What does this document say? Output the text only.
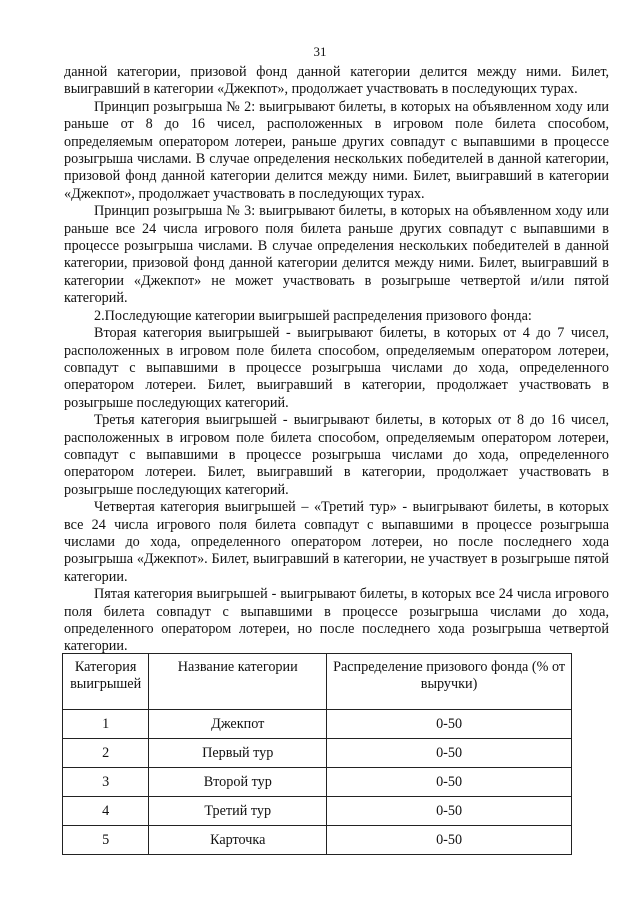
31

данной категории, призовой фонд данной категории делится между ними. Билет, выигравший в категории «Джекпот», продолжает участвовать в последующих турах.

Принцип розыгрыша № 2: выигрывают билеты, в которых на объявленном ходу или раньше от 8 до 16 чисел, расположенных в игровом поле билета способом, определяемым оператором лотереи, раньше других совпадут с выпавшими в процессе розыгрыша числами. В случае определения нескольких победителей в данной категории, призовой фонд данной категории делится между ними. Билет, выигравший в категории «Джекпот», продолжает участвовать в последующих турах.

Принцип розыгрыша № 3: выигрывают билеты, в которых на объявленном ходу или раньше все 24 числа игрового поля билета раньше других совпадут с выпавшими в процессе розыгрыша числами. В случае определения нескольких победителей в данной категории, призовой фонд данной категории делится между ними. Билет, выигравший в категории «Джекпот» не может участвовать в розыгрыше четвертой и/или пятой категорий.

2.Последующие категории выигрышей распределения призового фонда:

Вторая категория выигрышей - выигрывают билеты, в которых от 4 до 7 чисел, расположенных в игровом поле билета способом, определяемым оператором лотереи, совпадут с выпавшими в процессе розыгрыша числами до хода, определенного оператором лотереи. Билет, выигравший в категории, продолжает участвовать в розыгрыше последующих категорий.

Третья категория выигрышей - выигрывают билеты, в которых от 8 до 16 чисел, расположенных в игровом поле билета способом, определяемым оператором лотереи, совпадут с выпавшими в процессе розыгрыша числами до хода, определенного оператором лотереи. Билет, выигравший в категории, продолжает участвовать в розыгрыше последующих категорий.

Четвертая категория выигрышей – «Третий тур» - выигрывают билеты, в которых все 24 числа игрового поля билета совпадут с выпавшими в процессе розыгрыша числами до хода, определенного оператором лотереи, но после последнего хода розыгрыша «Джекпот». Билет, выигравший в категории, не участвует в розыгрыше пятой категории.

Пятая категория выигрышей - выигрывают билеты, в которых все 24 числа игрового поля билета совпадут с выпавшими в процессе розыгрыша числами до хода, определенного оператором лотереи, но после последнего хода розыгрыша четвертой категории.

Категория выигрышей	Название категории	Распределение призового фонда (% от выручки)
1	Джекпот	0-50
2	Первый тур	0-50
3	Второй тур	0-50
4	Третий тур	0-50
5	Карточка	0-50
